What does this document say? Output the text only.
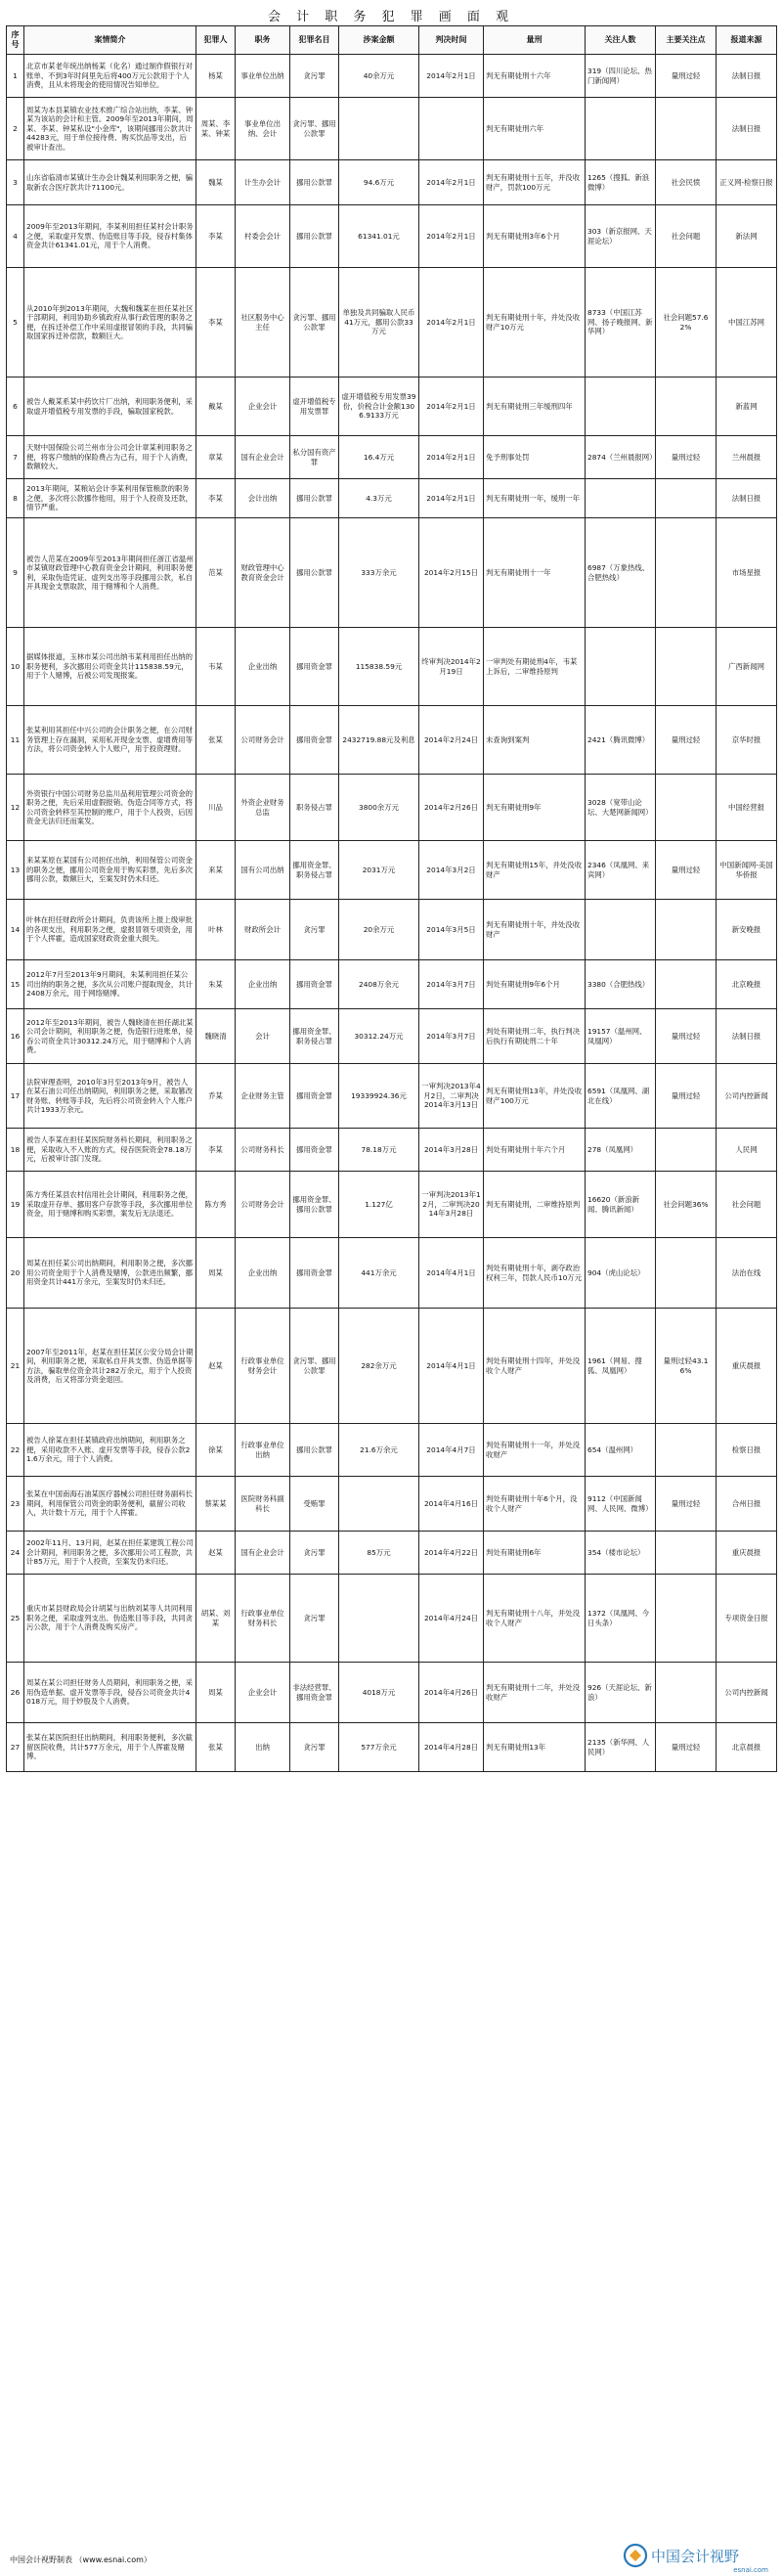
会 计 职 务 犯 罪 画 面 观
序号	案情简介	犯罪人	职务	犯罪名目	涉案金额	判决时间	量刑	关注人数	主要关注点	报道来源
1	北京市某老年统出纳杨某（化名）通过制作假银行对账单、不到3年时间里先后将400万元公款用于个人消费，且从未将现金的使用情况告知单位。	杨某	事业单位出纳	贪污罪	40余万元	2014年2月1日	判无有期徒刑十六年	319（四川论坛、热门新闻网）	量刑过轻	法制日报
2	周某为本县某镇农业技术推广综合站出纳，李某、钟某为该站的会计和主管。2009年至2013年期间，周某、李某、钟某私设"小金库"，该期间挪用公款共计44283元，用于单位接待费、购买饮品等支出，后被审计查出。	周某、李某、钟某	事业单位出纳、会计	贪污罪、挪用公款罪			判无有期徒刑六年			法制日报
3	山东省临清市某镇计生办会计魏某利用职务之便，骗取新农合医疗款共计71100元。	魏某	计生办会计	挪用公款罪	94.6万元	2014年2月1日	判无有期徒刑十五年，并没收财产，罚款100万元	1265（搜狐、新浪微博）	社会民愤	正义网-检察日报
4	2009年至2013年期间，李某利用担任某村会计职务之便，采取虚开发票、伪造账目等手段，侵吞村集体资金共计61341.01元，用于个人消费。	李某	村委会会计	挪用公款罪	61341.01元	2014年2月1日	判无有期徒刑3年6个月	303（新京报网、天涯论坛）	社会问题	新法网
5	从2010年到2013年期间，大魏和魏某在担任某社区干部期间，利用协助乡镇政府从事行政管理的职务之便，在拆迁补偿工作中采用虚报冒领的手段，共同骗取国家拆迁补偿款，数额巨大。	李某	社区服务中心主任	贪污罪、挪用公款罪	单独及共同骗取人民币41万元，挪用公款33万元	2014年2月1日	判无有期徒刑十年，并处没收财产10万元	8733（中国江苏网、扬子晚报网、新华网）	社会问题57.62%	中国江苏网
6	被告人戴某系某中药饮片厂出纳，利用职务便利，采取虚开增值税专用发票的手段，骗取国家税款。	戴某	企业会计	虚开增值税专用发票罪	虚开增值税专用发票39份，价税合计金额1306.9133万元	2014年2月1日	判无有期徒刑三年缓刑四年			新蓝网
7	天财中国保险公司兰州市分公司会计章某利用职务之便，将客户缴纳的保险费占为己有，用于个人消费，数额较大。	章某	国有企业会计	私分国有资产罪	16.4万元	2014年2月1日	免予刑事处罚	2874（兰州晨报网）	量刑过轻	兰州晨报
8	2013年期间，某粮站会计李某利用保管粮款的职务之便，多次将公款挪作他用，用于个人投资及还款，情节严重。	李某	会计出纳	挪用公款罪	4.3万元	2014年2月1日	判无有期徒刑一年，缓刑一年			法制日报
9	被告人范某在2009年至2013年期间担任浙江省温州市某镇财政管理中心教育资金会计期间，利用职务便利，采取伪造凭证、虚列支出等手段挪用公款，私自开具现金支票取款，用于赌博和个人消费。	范某	财政管理中心教育资金会计	挪用公款罪	333万余元	2014年2月15日	判无有期徒刑十一年	6987（万象热线、合肥热线）		市场星报
10	据媒体报道，玉林市某公司出纳韦某利用担任出纳的职务便利，多次挪用公司资金共计115838.59元，用于个人赌博，后被公司发现报案。	韦某	企业出纳	挪用资金罪	115838.59元	终审判决2014年2月19日	一审判处有期徒刑4年，韦某上诉后，二审维持原判			广西新闻网
11	张某利用其担任中兴公司的会计职务之便，在公司财务管理上存在漏洞，采用私开现金支票、虚增费用等方法，将公司资金转入个人账户，用于投资理财。	张某	公司财务会计	挪用资金罪	2432719.88元及利息	2014年2月24日	未查询到案判	2421（腾讯微博）	量刑过轻	京华时报
12	外资银行中国公司财务总监川品利用管理公司资金的职务之便，先后采用虚假报销、伪造合同等方式，将公司资金转移至其控制的账户，用于个人投资，后因资金无法归还而案发。	川品	外资企业财务总监	职务侵占罪	3800余万元	2014年2月26日	判无有期徒刑9年	3028（宽带山论坛、大楚网新闻网）		中国经营报
13	来某某原在某国有公司担任出纳，利用保管公司资金的职务之便，挪用公司资金用于购买彩票，先后多次挪用公款，数额巨大，至案发时仍未归还。	来某	国有公司出纳	挪用资金罪、职务侵占罪	2031万元	2014年3月2日	判无有期徒刑15年，并处没收财产	2346（凤凰网、来宾网）	量刑过轻	中国新闻网-美国华侨报
14	叶林在担任财政所会计期间，负责该所上报上级审批的各项支出，利用职务之便，虚报冒领专项资金，用于个人挥霍，造成国家财政资金重大损失。	叶林	财政所会计	贪污罪	20余万元	2014年3月5日	判无有期徒刑十年，并处没收财产			新安晚报
15	2012年7月至2013年9月期间，朱某利用担任某公司出纳的职务之便，多次从公司账户提取现金，共计2408万余元，用于网络赌博。	朱某	企业出纳	挪用资金罪	2408万余元	2014年3月7日	判处有期徒刑9年6个月	3380（合肥热线）		北京晚报
16	2012年至2013年期间，被告人魏晓清在担任湖北某公司会计期间，利用职务之便，伪造银行进账单，侵吞公司资金共计30312.24万元，用于赌博和个人消费。	魏晓清	会计	挪用资金罪、职务侵占罪	30312.24万元	2014年3月7日	判处有期徒刑二年，执行判决后执行有期徒刑二十年	19157（温州网、凤凰网）	量刑过轻	法制日报
17	法院审理查明，2010年3月至2013年9月，被告人在某石油公司任出纳期间，利用职务之便，采取篡改财务账、转账等手段，先后将公司资金转入个人账户共计1933万余元。	乔某	企业财务主管	挪用资金罪	19339924.36元	一审判决2013年4月2日，二审判决2014年3月13日	判无有期徒刑13年，并处没收财产100万元	6591（凤凰网、湖北在线）	量刑过轻	公司内控新闻
18	被告人李某在担任某医院财务科长期间，利用职务之便，采取收入不入账的方式，侵吞医院资金78.18万元，后被审计部门发现。	李某	公司财务科长	挪用资金罪	78.18万元	2014年3月28日	判处有期徒刑十年六个月	278（凤凰网）		人民网
19	陈方秀任某县农村信用社会计期间，利用职务之便，采取虚开存单、挪用客户存款等手段，多次挪用单位资金，用于赌博和购买彩票，案发后无法退还。	陈方秀	公司财务会计	挪用资金罪、挪用公款罪	1.127亿	一审判决2013年12月，二审判决2014年3月28日	判无有期徒刑，二审维持原判	16620（新浪新闻、腾讯新闻）	社会问题36%	社会问题
20	周某在担任某公司出纳期间，利用职务之便，多次挪用公司资金用于个人消费及赌博，公款进出频繁，挪用资金共计441万余元，至案发时仍未归还。	周某	企业出纳	挪用资金罪	441万余元	2014年4月1日	判处有期徒刑十年，剥夺政治权利三年，罚款人民币10万元	904（虎山论坛）		法治在线
21	2007年至2011年，赵某在担任某区公安分局会计期间，利用职务之便，采取私自开具支票、伪造单据等方法，骗取单位资金共计282万余元，用于个人投资及消费，后又将部分资金退回。	赵某	行政事业单位财务会计	贪污罪、挪用公款罪	282余万元	2014年4月1日	判处有期徒刑十四年，并处没收个人财产	1961（网易、搜狐、凤凰网）	量刑过轻43.16%	重庆晨报
22	被告人徐某在担任某镇政府出纳期间，利用职务之便，采用收款不入账、虚开发票等手段，侵吞公款21.6万余元，用于个人消费。	徐某	行政事业单位出纳	挪用公款罪	21.6万余元	2014年4月7日	判处有期徒刑十一年，并处没收财产	654（温州网）		检察日报
23	张某在中国南海石油某医疗器械公司担任财务副科长期间，利用保管公司资金的职务便利，截留公司收入，共计数十万元，用于个人挥霍。	蔡某某	医院财务科副科长	受贿罪		2014年4月16日	判处有期徒刑十年6个月，没收个人财产	9112（中国新闻网、人民网、微博）	量刑过轻	合州日报
24	2002年11月、13月间，赵某在担任某建筑工程公司会计期间，利用职务之便，多次挪用公司工程款，共计85万元，用于个人投资，至案发仍未归还。	赵某	国有企业会计	贪污罪	85万元	2014年4月22日	判处有期徒刑6年	354（楼市论坛）		重庆晨报
25	重庆市某县财政局会计胡某与出纳刘某等人共同利用职务之便，采取虚列支出、伪造账目等手段，共同贪污公款，用于个人消费及购买房产。	胡某、刘某	行政事业单位财务科长	贪污罪		2014年4月24日	判无有期徒刑十八年，并处没收个人财产	1372（凤凰网、今日头条）		专项资金日报
26	周某在某公司担任财务人员期间，利用职务之便，采用伪造单据、虚开发票等手段，侵吞公司资金共计4018万元，用于炒股及个人消费。	周某	企业会计	非法经营罪、挪用资金罪	4018万元	2014年4月26日	判无有期徒刑十二年，并处没收财产	926（天涯论坛、新浪）		公司内控新闻
27	张某在某医院担任出纳期间，利用职务便利，多次截留医院收费，共计577万余元，用于个人挥霍及赌博。	张某	出纳	贪污罪	577万余元	2014年4月28日	判无有期徒刑13年	2135（新华网、人民网）	量刑过轻	北京晨报
中国会计视野制表 （www.esnai.com）	中国会计视野
esnai.com
